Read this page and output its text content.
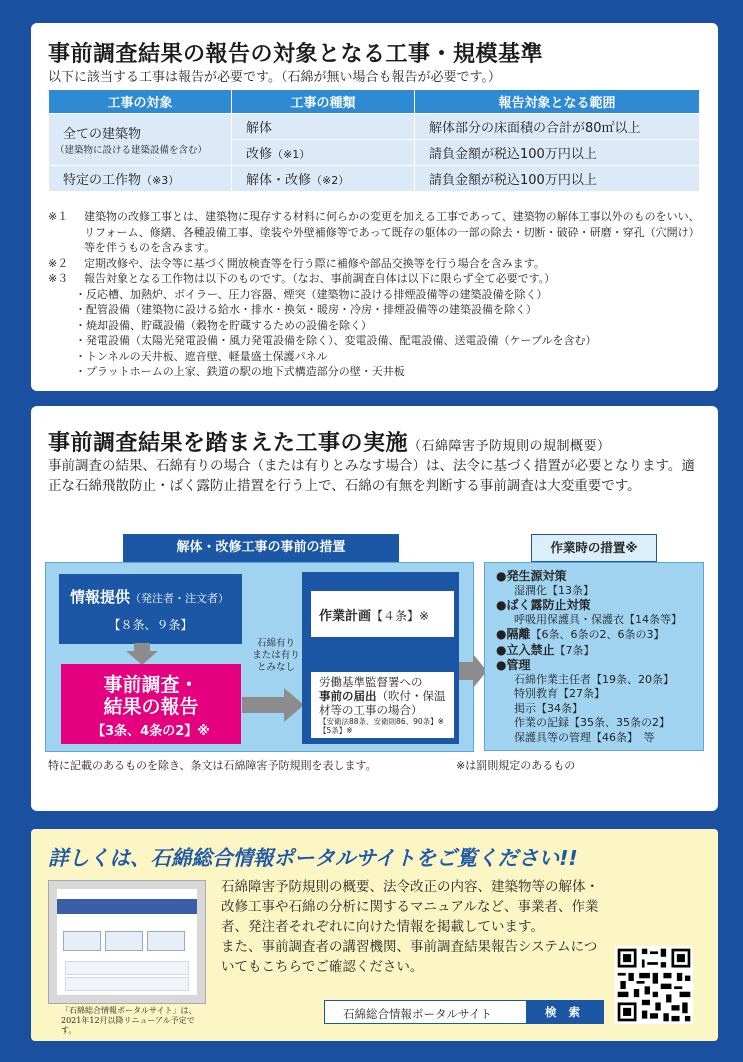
事前調査結果の報告の対象となる工事・規模基準
以下に該当する工事は報告が必要です。（石綿が無い場合も報告が必要です。）
工事の対象	工事の種類	報告対象となる範囲

全ての建築物
（建築物に設ける建築設備を含む）	解体	解体部分の床面積の合計が80㎡以上
	改修（※1）	請負金額が税込100万円以上
特定の工作物（※3）	解体・改修（※2）	請負金額が税込100万円以上
※１	建築物の改修工事とは、建築物に現存する材料に何らかの変更を加える工事であって、建築物の解体工事以外のものをいい、リフォーム、修繕、各種設備工事、塗装や外壁補修等であって既存の躯体の一部の除去・切断・破砕・研磨・穿孔（穴開け）等を伴うものを含みます。
※２	定期改修や、法令等に基づく開放検査等を行う際に補修や部品交換等を行う場合を含みます。
※３	報告対象となる工作物は以下のものです。（なお、事前調査自体は以下に限らず全て必要です。）
・反応槽、加熱炉、ボイラー、圧力容器、煙突（建築物に設ける排煙設備等の建築設備を除く）
・配管設備（建築物に設ける給水・排水・換気・暖房・冷房・排煙設備等の建築設備を除く）
・焼却設備、貯蔵設備（穀物を貯蔵するための設備を除く）
・発電設備（太陽光発電設備・風力発電設備を除く）、変電設備、配電設備、送電設備（ケーブルを含む）
・トンネルの天井板、遮音壁、軽量盛土保護パネル
・プラットホームの上家、鉄道の駅の地下式構造部分の壁・天井板
事前調査結果を踏まえた工事の実施（石綿障害予防規則の規制概要）
事前調査の結果、石綿有りの場合（または有りとみなす場合）は、法令に基づく措置が必要となります。適正な石綿飛散防止・ばく露防止措置を行う上で、石綿の有無を判断する事前調査は大変重要です。
解体・改修工事の事前の措置
情報提供（発注者・注文者）
【８条、９条】
事前調査・
結果の報告
【3条、4条の2】※
石綿有り
または有り
とみなし
作業計画【４条】※
労働基準監督署への
事前の届出（吹付・保温材等の工事の場合）
【安衛法88条、安衛則86、90条】※【5条】※
作業時の措置※
●発生源対策
湿潤化【13条】
●ばく露防止対策
呼吸用保護具・保護衣【14条等】
●隔離【6条、6条の2、6条の3】
●立入禁止【7条】
●管理
石綿作業主任者【19条、20条】
特別教育【27条】
掲示【34条】
作業の記録【35条、35条の2】
保護具等の管理【46条】　等
特に記載のあるものを除き、条文は石綿障害予防規則を表します。	※は罰則規定のあるもの
詳しくは、石綿総合情報ポータルサイトをご覧ください!!
「石綿総合情報ポータルサイト」は、2021年12月以降リニューアル予定です。
石綿障害予防規則の概要、法令改正の内容、建築物等の解体・改修工事や石綿の分析に関するマニュアルなど、事業者、作業者、発注者それぞれに向けた情報を掲載しています。
また、事前調査者の講習機関、事前調査結果報告システムについてもこちらでご確認ください。
石綿総合情報ポータルサイト	検 索
